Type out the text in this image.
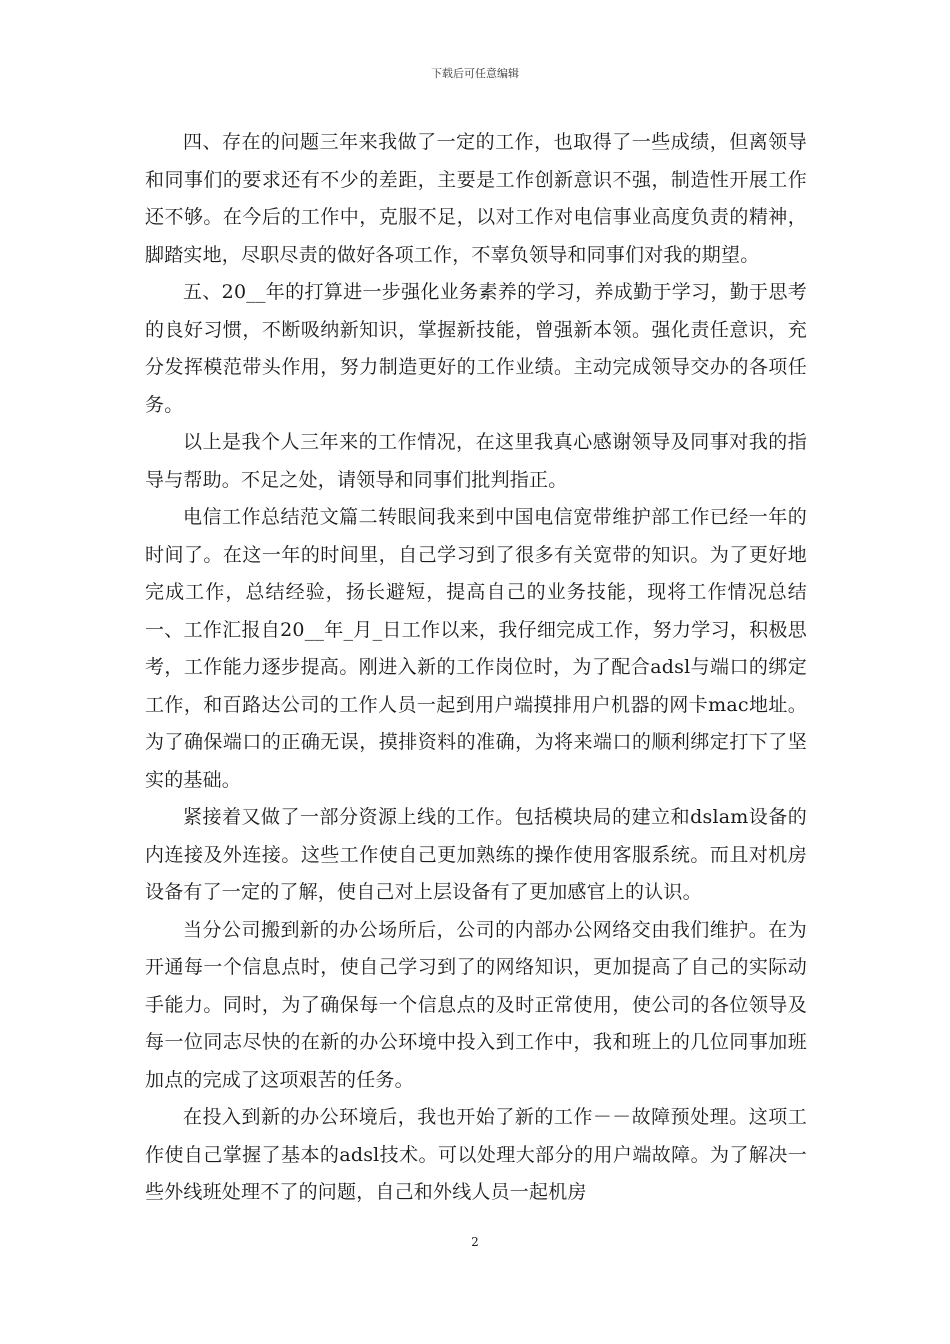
下载后可任意编辑

四、存在的问题三年来我做了一定的工作，也取得了一些成绩，但离领导和同事们的要求还有不少的差距，主要是工作创新意识不强，制造性开展工作还不够。在今后的工作中，克服不足，以对工作对电信事业高度负责的精神，脚踏实地，尽职尽责的做好各项工作，不辜负领导和同事们对我的期望。

五、20__年的打算进一步强化业务素养的学习，养成勤于学习，勤于思考的良好习惯，不断吸纳新知识，掌握新技能，曾强新本领。强化责任意识，充分发挥模范带头作用，努力制造更好的工作业绩。主动完成领导交办的各项任务。

以上是我个人三年来的工作情况，在这里我真心感谢领导及同事对我的指导与帮助。不足之处，请领导和同事们批判指正。

电信工作总结范文篇二转眼间我来到中国电信宽带维护部工作已经一年的时间了。在这一年的时间里，自己学习到了很多有关宽带的知识。为了更好地完成工作，总结经验，扬长避短，提高自己的业务技能，现将工作情况总结一、工作汇报自20__年_月_日工作以来，我仔细完成工作，努力学习，积极思考，工作能力逐步提高。刚进入新的工作岗位时，为了配合adsl与端口的绑定工作，和百路达公司的工作人员一起到用户端摸排用户机器的网卡mac地址。为了确保端口的正确无误，摸排资料的准确，为将来端口的顺利绑定打下了坚实的基础。

紧接着又做了一部分资源上线的工作。包括模块局的建立和dslam设备的内连接及外连接。这些工作使自己更加熟练的操作使用客服系统。而且对机房设备有了一定的了解，使自己对上层设备有了更加感官上的认识。

当分公司搬到新的办公场所后，公司的内部办公网络交由我们维护。在为开通每一个信息点时，使自己学习到了的网络知识，更加提高了自己的实际动手能力。同时，为了确保每一个信息点的及时正常使用，使公司的各位领导及每一位同志尽快的在新的办公环境中投入到工作中，我和班上的几位同事加班加点的完成了这项艰苦的任务。

在投入到新的办公环境后，我也开始了新的工作－－故障预处理。这项工作使自己掌握了基本的adsl技术。可以处理大部分的用户端故障。为了解决一些外线班处理不了的问题，自己和外线人员一起机房

2
